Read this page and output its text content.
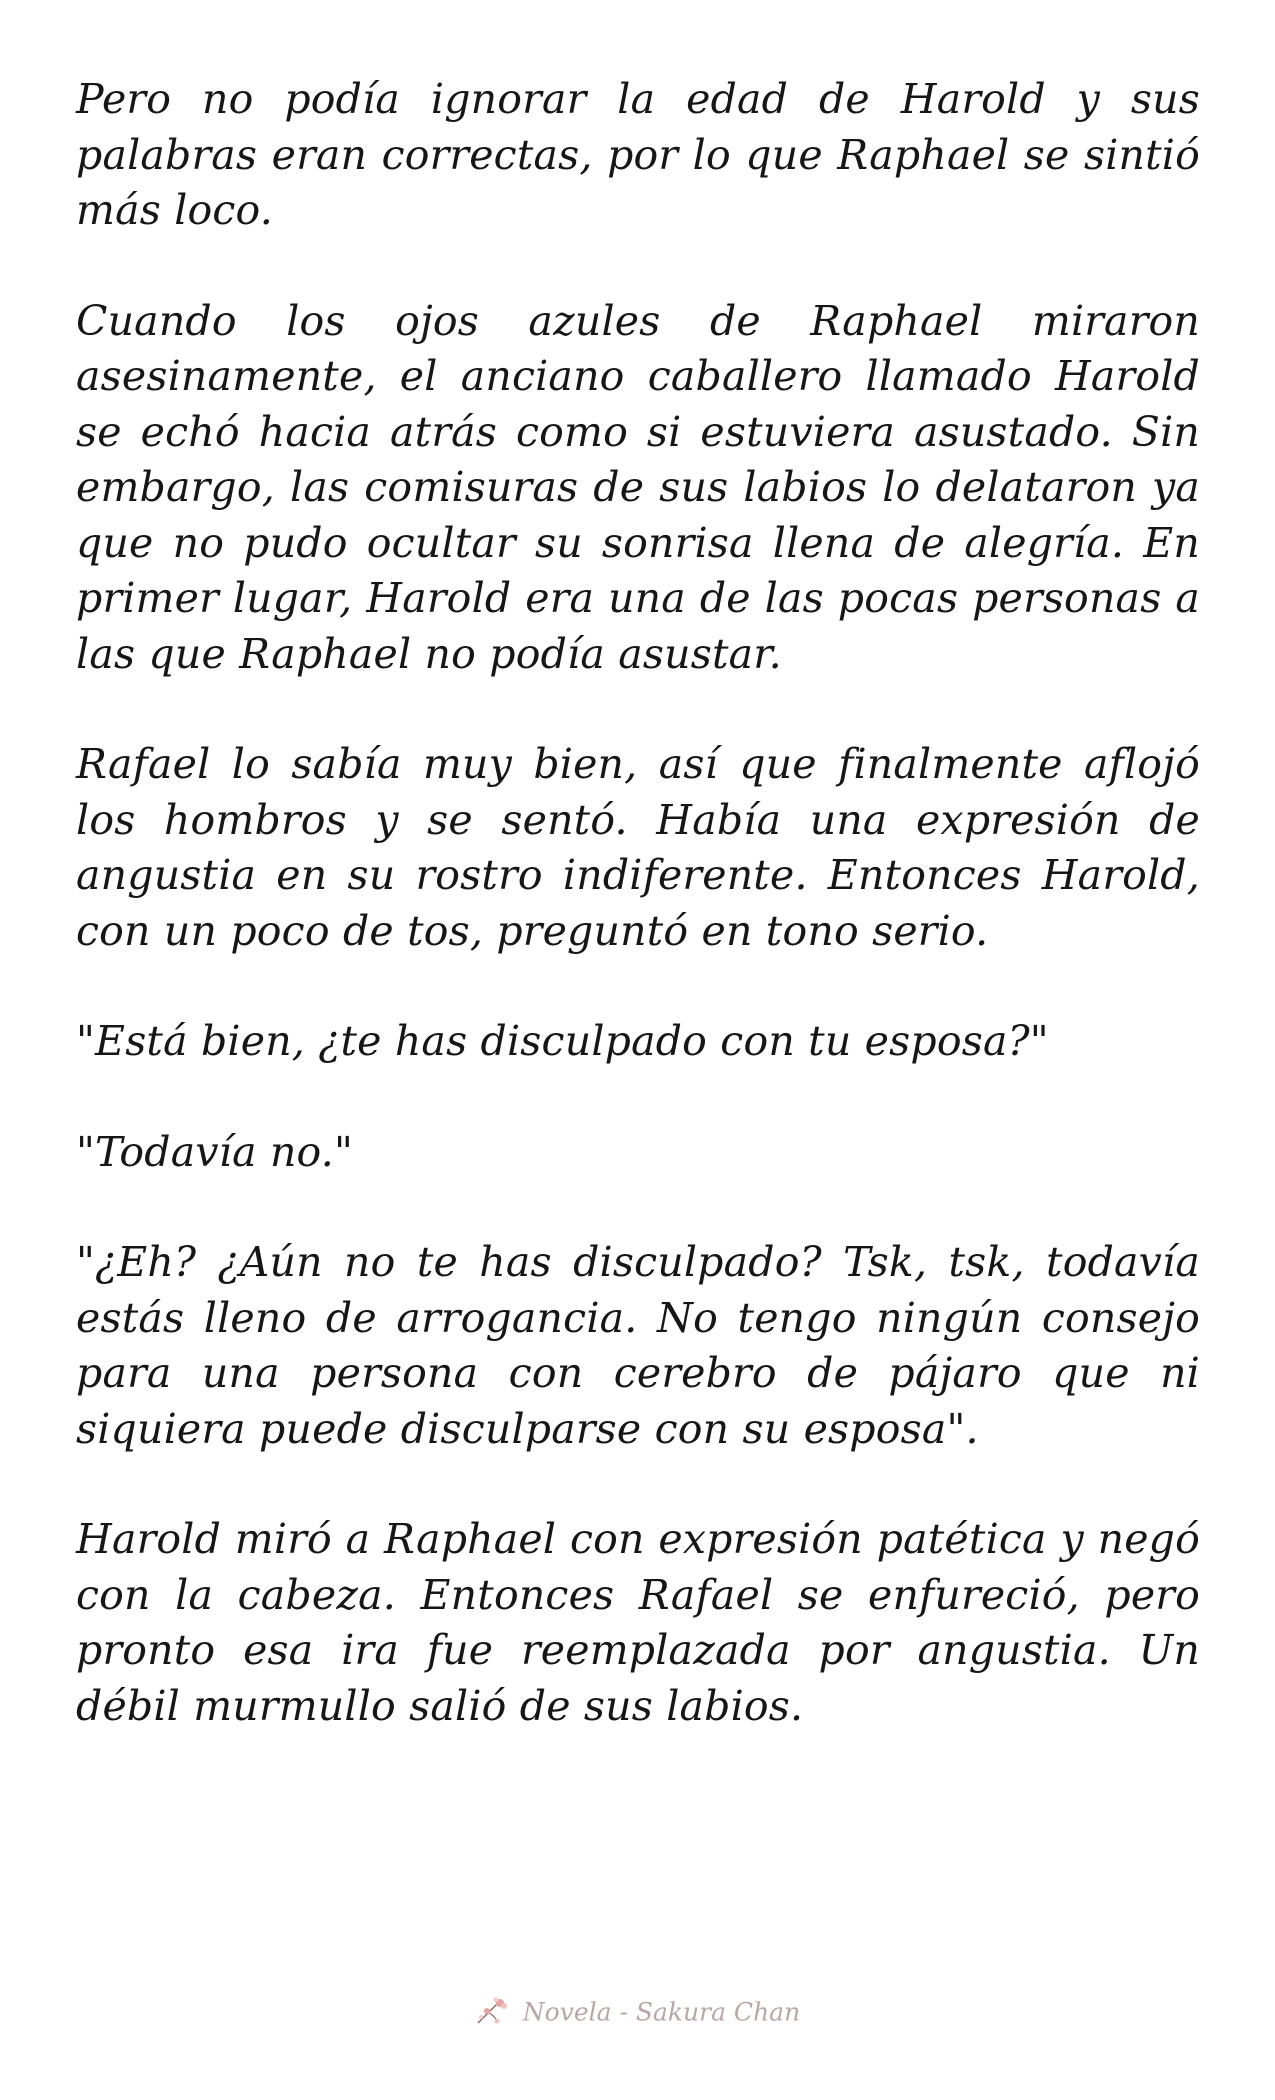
Pero no podía ignorar la edad de Harold y sus palabras eran correctas, por lo que Raphael se sintió más loco.

Cuando los ojos azules de Raphael miraron asesinamente, el anciano caballero llamado Harold se echó hacia atrás como si estuviera asustado. Sin embargo, las comisuras de sus labios lo delataron ya que no pudo ocultar su sonrisa llena de alegría. En primer lugar, Harold era una de las pocas personas a las que Raphael no podía asustar.

Rafael lo sabía muy bien, así que finalmente aflojó los hombros y se sentó. Había una expresión de angustia en su rostro indiferente. Entonces Harold, con un poco de tos, preguntó en tono serio.

"Está bien, ¿te has disculpado con tu esposa?"

"Todavía no."

"¿Eh? ¿Aún no te has disculpado? Tsk, tsk, todavía estás lleno de arrogancia. No tengo ningún consejo para una persona con cerebro de pájaro que ni siquiera puede disculparse con su esposa".

Harold miró a Raphael con expresión patética y negó con la cabeza. Entonces Rafael se enfureció, pero pronto esa ira fue reemplazada por angustia. Un débil murmullo salió de sus labios.

Novela - Sakura Chan
